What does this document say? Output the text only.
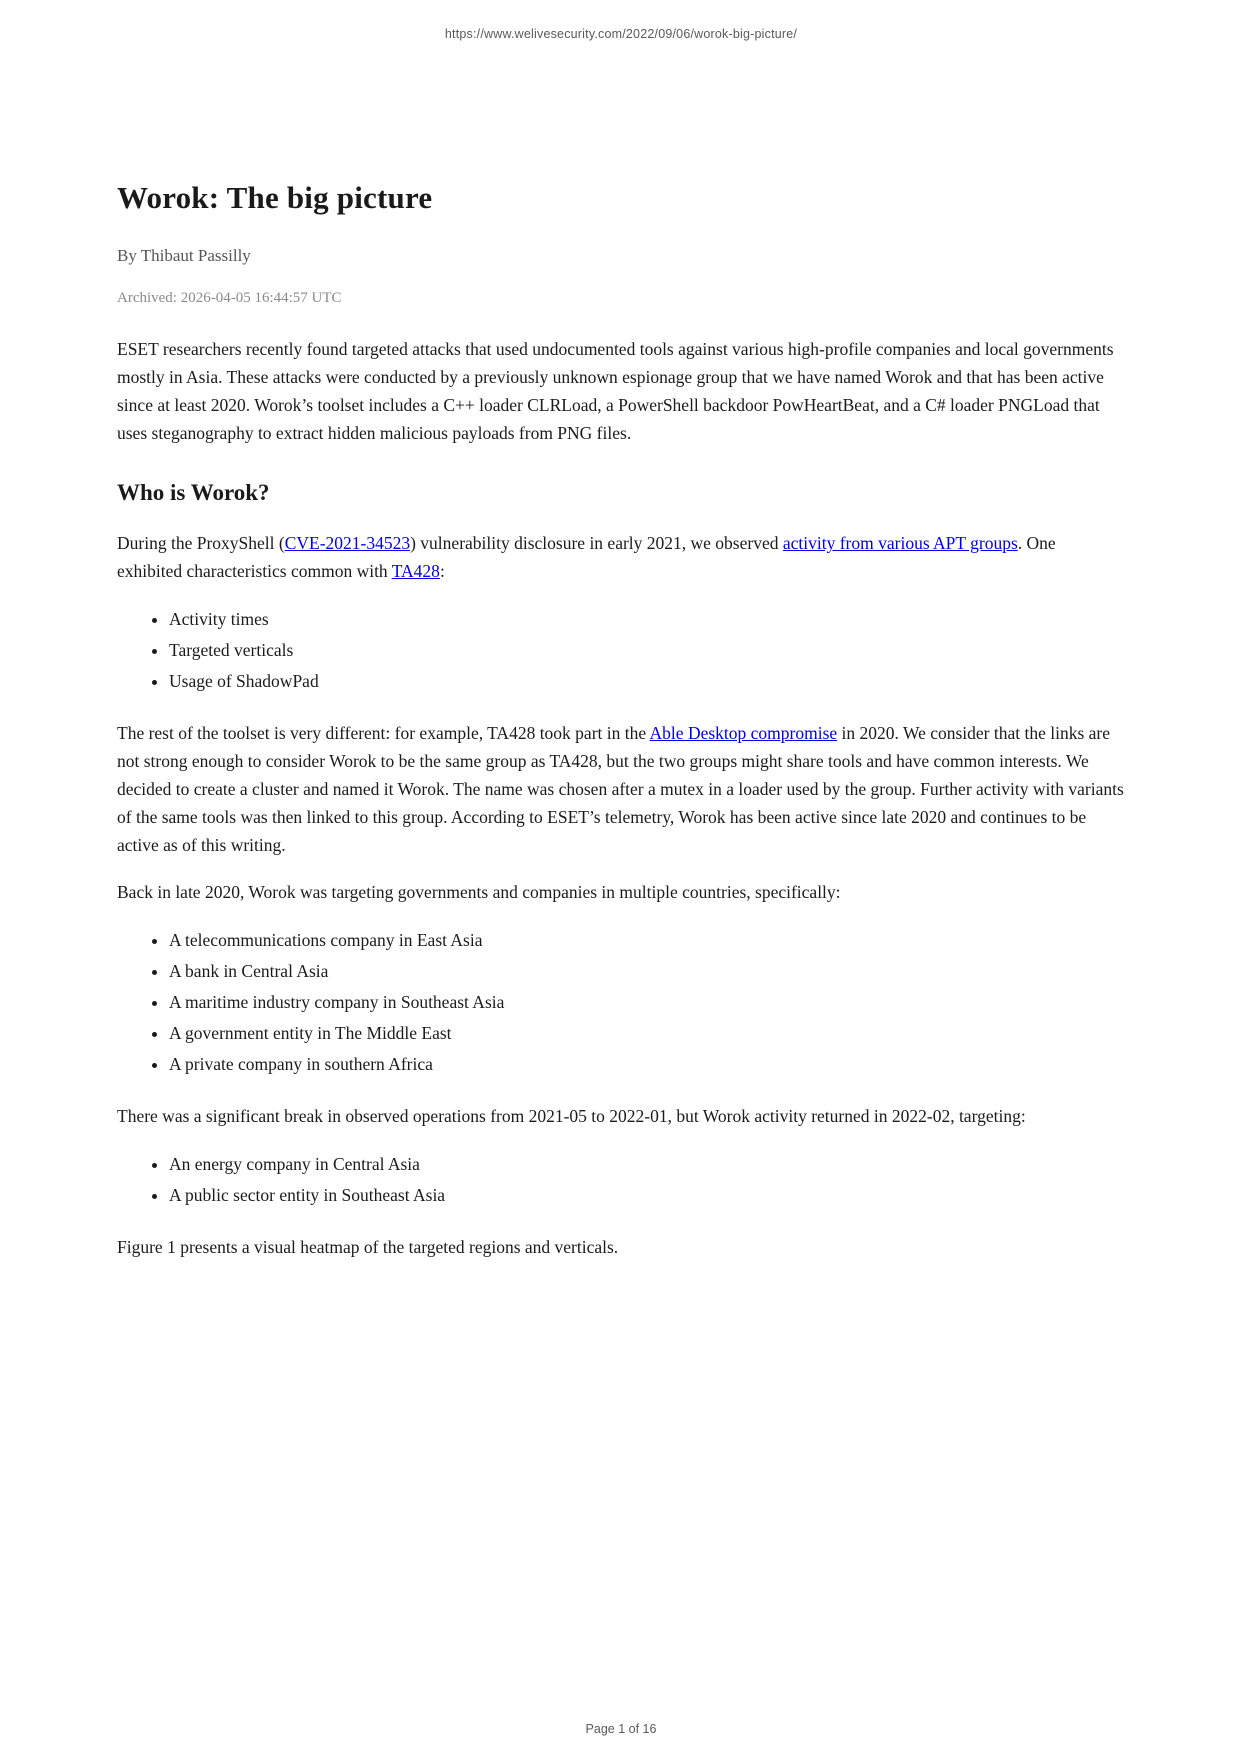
https://www.welivesecurity.com/2022/09/06/worok-big-picture/
Worok: The big picture
By Thibaut Passilly
Archived: 2026-04-05 16:44:57 UTC

ESET researchers recently found targeted attacks that used undocumented tools against various high-profile companies and local governments mostly in Asia. These attacks were conducted by a previously unknown espionage group that we have named Worok and that has been active since at least 2020. Worok’s toolset includes a C++ loader CLRLoad, a PowerShell backdoor PowHeartBeat, and a C# loader PNGLoad that uses steganography to extract hidden malicious payloads from PNG files.

Who is Worok?

During the ProxyShell (CVE-2021-34523) vulnerability disclosure in early 2021, we observed activity from various APT groups. One exhibited characteristics common with TA428:

• Activity times
• Targeted verticals
• Usage of ShadowPad

The rest of the toolset is very different: for example, TA428 took part in the Able Desktop compromise in 2020. We consider that the links are not strong enough to consider Worok to be the same group as TA428, but the two groups might share tools and have common interests. We decided to create a cluster and named it Worok. The name was chosen after a mutex in a loader used by the group. Further activity with variants of the same tools was then linked to this group. According to ESET’s telemetry, Worok has been active since late 2020 and continues to be active as of this writing.

Back in late 2020, Worok was targeting governments and companies in multiple countries, specifically:

• A telecommunications company in East Asia
• A bank in Central Asia
• A maritime industry company in Southeast Asia
• A government entity in The Middle East
• A private company in southern Africa

There was a significant break in observed operations from 2021-05 to 2022-01, but Worok activity returned in 2022-02, targeting:

• An energy company in Central Asia
• A public sector entity in Southeast Asia

Figure 1 presents a visual heatmap of the targeted regions and verticals.

Page 1 of 16
